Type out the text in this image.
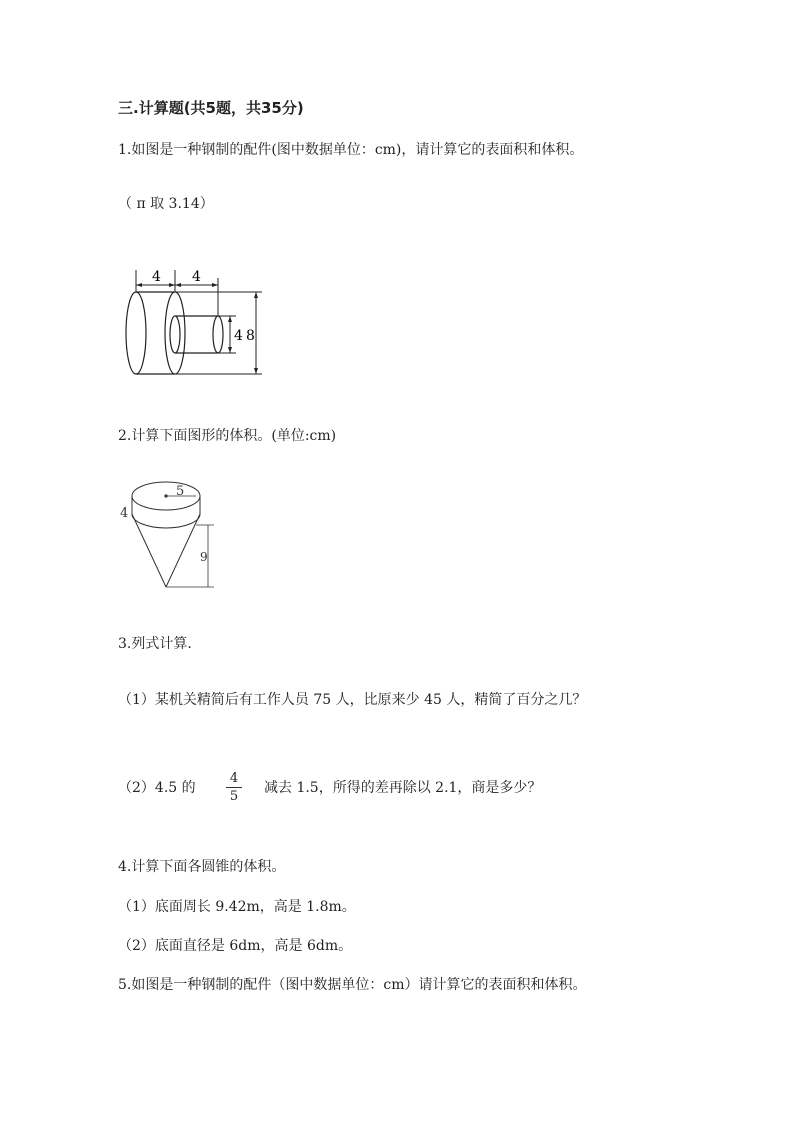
三.计算题(共5题，共35分)
1.如图是一种钢制的配件(图中数据单位：cm)，请计算它的表面积和体积。
（ π 取 3.14）
4 4
4 8
2.计算下面图形的体积。(单位:cm)
5
4
9
3.列式计算.
（1）某机关精简后有工作人员 75 人，比原来少 45 人，精简了百分之几？
（2）4.5 的
4
5
减去 1.5，所得的差再除以 2.1，商是多少？
4.计算下面各圆锥的体积。
（1）底面周长 9.42m，高是 1.8m。
（2）底面直径是 6dm，高是 6dm。
5.如图是一种钢制的配件（图中数据单位：cm）请计算它的表面积和体积。
